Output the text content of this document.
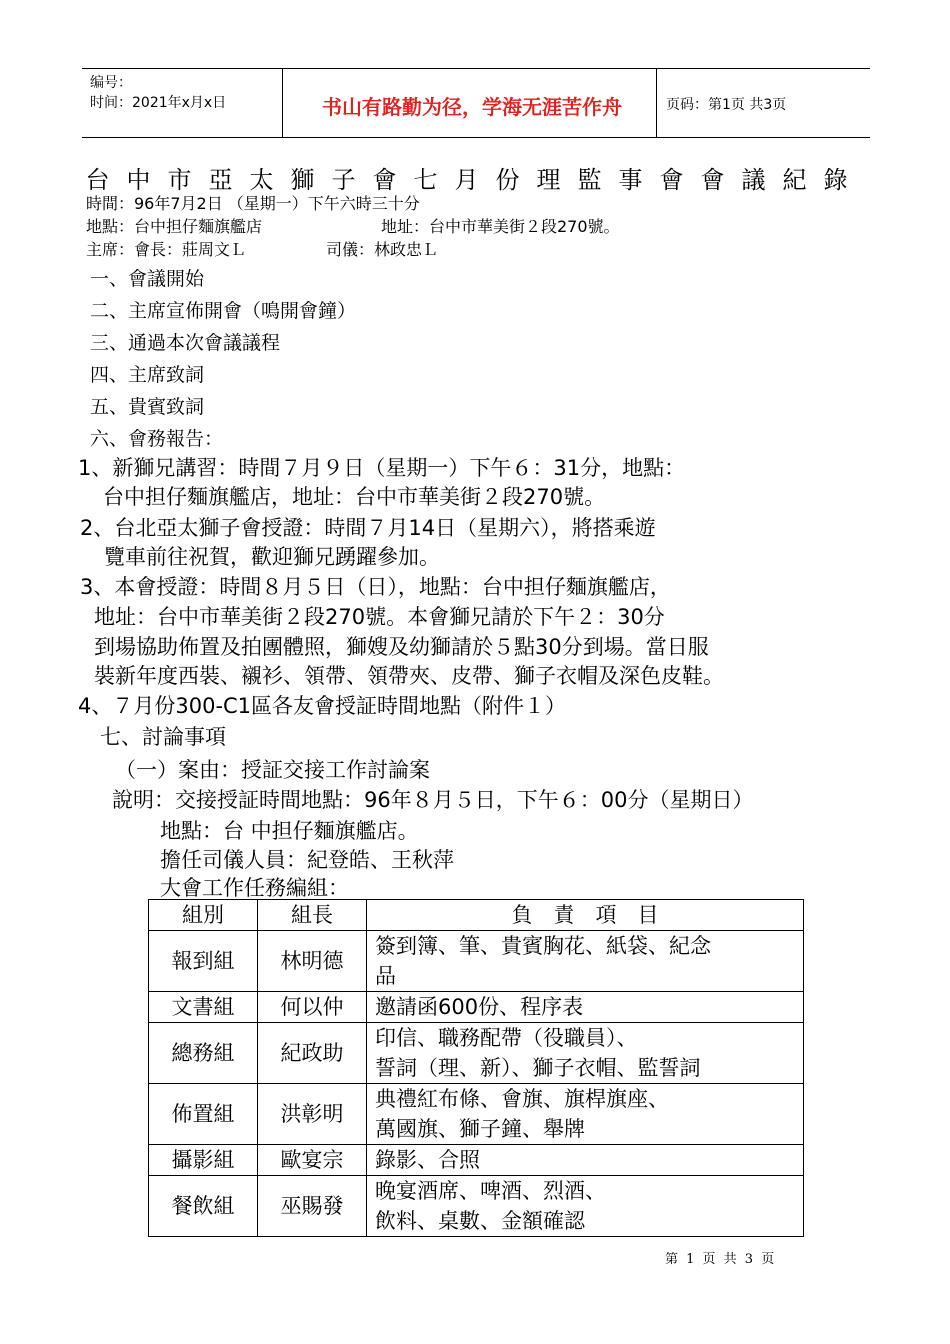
编号：
时间：2021年x月x日	书山有路勤为径，学海无涯苦作舟	页码：第1页 共3页
台中市亞太獅子會七月份理監事會會議紀錄
時間：96年7月2日 （星期一）下午六時三十分
地點：台中担仔麵旗艦店	地址：台中市華美街２段270號。
主席：會長：莊周文Ｌ	司儀：林政忠Ｌ
一、會議開始
二、主席宣佈開會（鳴開會鐘）
三、通過本次會議議程
四、主席致詞
五、貴賓致詞
六、會務報告：
1、新獅兄講習：時間７月９日（星期一）下午６：31分，地點：
台中担仔麵旗艦店，地址：台中市華美街２段270號。
2、台北亞太獅子會授證：時間７月14日（星期六），將搭乘遊
覽車前往祝賀，歡迎獅兄踴躍參加。
3、本會授證：時間８月５日（日），地點：台中担仔麵旗艦店，
地址：台中市華美街２段270號。本會獅兄請於下午２：30分
到場協助佈置及拍團體照，獅嫂及幼獅請於５點30分到場。當日服
裝新年度西裝、襯衫、領帶、領帶夾、皮帶、獅子衣帽及深色皮鞋。
4、７月份300-C1區各友會授証時間地點（附件１）
七、討論事項
（一）案由：授証交接工作討論案
說明：交接授証時間地點：96年８月５日，下午６：00分（星期日）
地點：台 中担仔麵旗艦店。
擔任司儀人員：紀登皓、王秋萍
大會工作任務編組：
組別	組長	負　責　項　目
報到組	林明德	簽到簿、筆、貴賓胸花、紙袋、紀念
品

文書組	何以仲	邀請函600份、程序表

總務組	紀政助	印信、職務配帶（役職員）、
誓詞（理、新）、獅子衣帽、監誓詞

佈置組	洪彰明	典禮紅布條、會旗、旗桿旗座、
萬國旗、獅子鐘、舉牌

攝影組	歐宴宗	錄影、合照

餐飲組	巫賜發	晚宴酒席、啤酒、烈酒、
飲料、桌數、金額確認
第 1 页 共 3 页
